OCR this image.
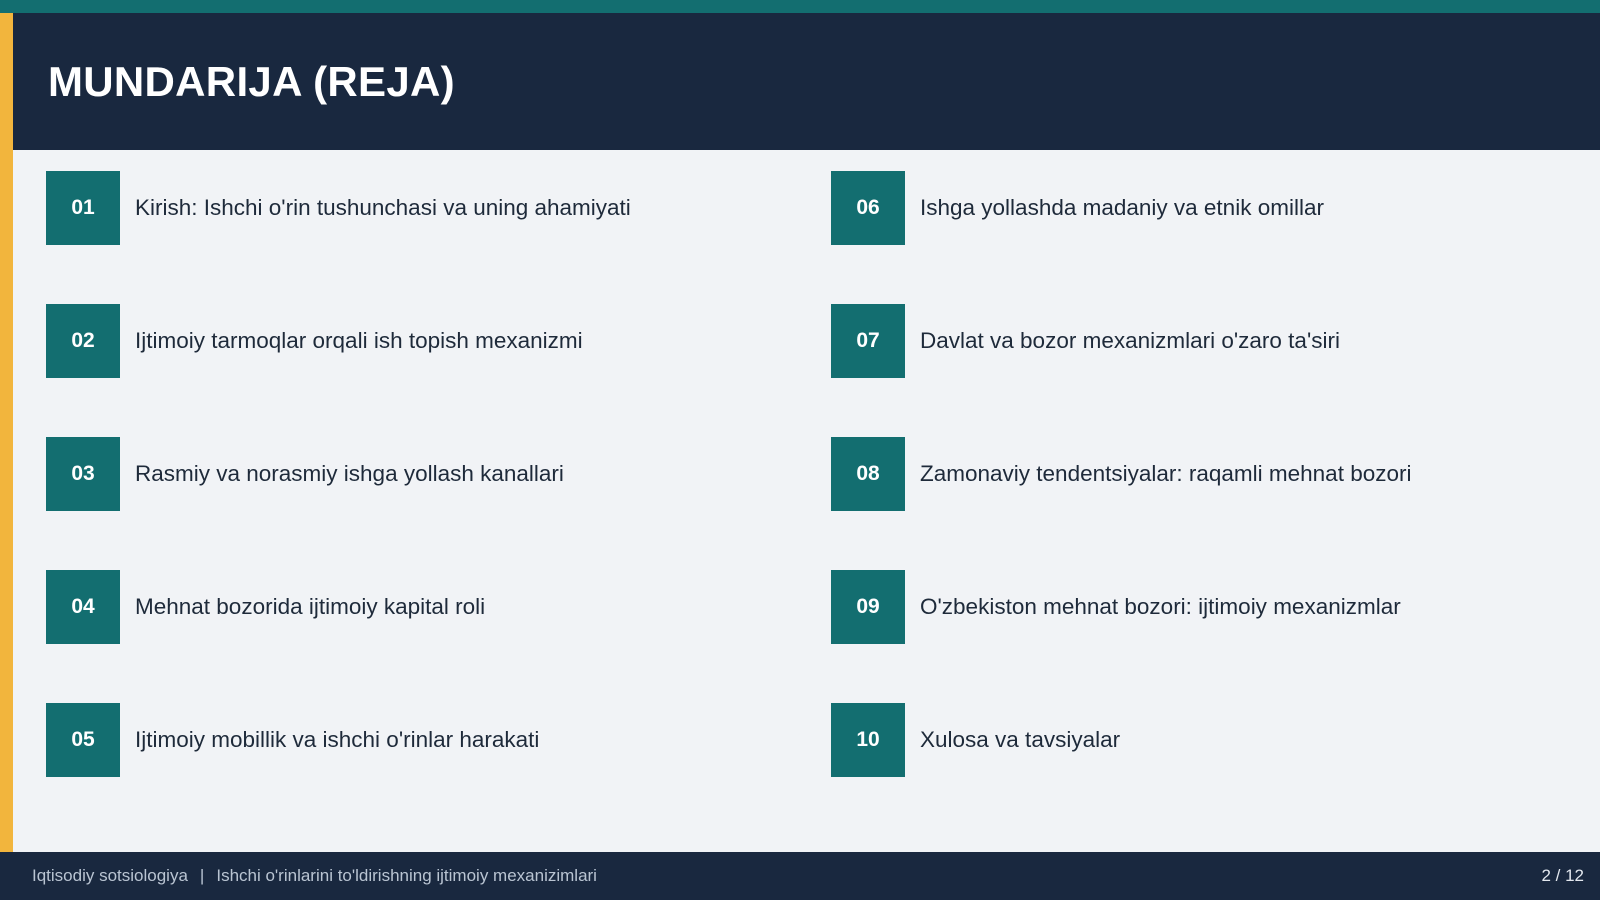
MUNDARIJA (REJA)
01	Kirish: Ishchi o'rin tushunchasi va uning ahamiyati
02	Ijtimoiy tarmoqlar orqali ish topish mexanizmi
03	Rasmiy va norasmiy ishga yollash kanallari
04	Mehnat bozorida ijtimoiy kapital roli
05	Ijtimoiy mobillik va ishchi o'rinlar harakati
06	Ishga yollashda madaniy va etnik omillar
07	Davlat va bozor mexanizmlari o'zaro ta'siri
08	Zamonaviy tendentsiyalar: raqamli mehnat bozori
09	O'zbekiston mehnat bozori: ijtimoiy mexanizmlar
10	Xulosa va tavsiyalar
Iqtisodiy sotsiologiya | Ishchi o'rinlarini to'ldirishning ijtimoiy mexanizimlari	2 / 12
